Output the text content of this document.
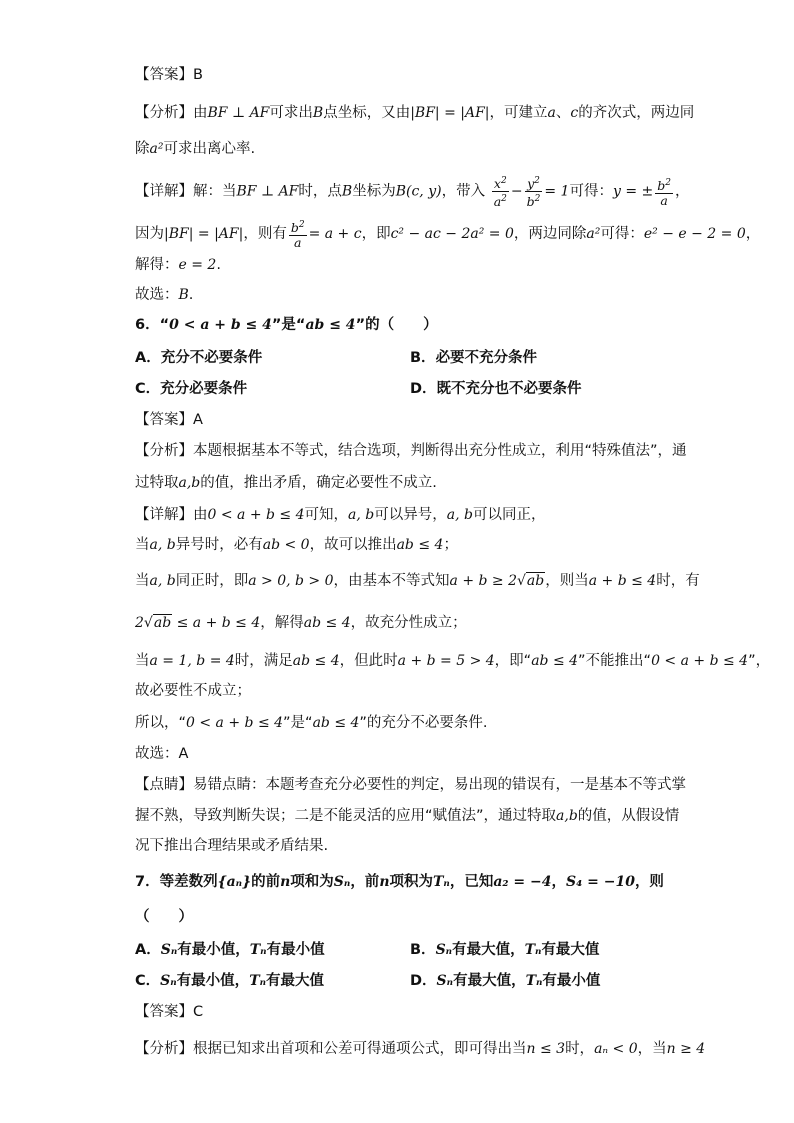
【答案】B
【分析】由BF ⊥ AF可求出B点坐标，又由|BF| = |AF|，可建立a、c的齐次式，两边同
除a²可求出离心率.
【详解】解：当BF ⊥ AF时，点B坐标为B(c, y)，带入 $\frac{x^2}{a^2} - \frac{y^2}{b^2} = 1$可得：y = ± $\frac{b^2}{a}$ ，
因为|BF| = |AF|，则有 $\frac{b^2}{a} = a + c$，即c² − ac − 2a² = 0，两边同除a²可得：e² − e − 2 = 0，
解得：e = 2.
故选：B.
6．“0 < a + b ≤ 4”是“ab ≤ 4”的（　　）
A．充分不必要条件	B．必要不充分条件
C．充分必要条件	D．既不充分也不必要条件
【答案】A
【分析】本题根据基本不等式，结合选项，判断得出充分性成立，利用“特殊值法”，通
过特取a,b的值，推出矛盾，确定必要性不成立.
【详解】由0 < a + b ≤ 4可知，a, b可以异号，a, b可以同正，
当a, b异号时，必有ab < 0，故可以推出ab ≤ 4；
当a, b同正时，即a > 0, b > 0，由基本不等式知a + b ≥ 2√ab，则当a + b ≤ 4时，有
2√ab ≤ a + b ≤ 4，解得ab ≤ 4，故充分性成立；
当a = 1, b = 4时，满足ab ≤ 4，但此时a + b = 5 > 4，即“ab ≤ 4”不能推出“0 < a + b ≤ 4”，
故必要性不成立；
所以，“0 < a + b ≤ 4”是“ab ≤ 4”的充分不必要条件.
故选：A
【点睛】易错点睛：本题考查充分必要性的判定，易出现的错误有，一是基本不等式掌
握不熟，导致判断失误；二是不能灵活的应用“赋值法”，通过特取a,b的值，从假设情
况下推出合理结果或矛盾结果.
7．等差数列{aₙ}的前n项和为Sₙ，前n项积为Tₙ，已知a₂ = −4，S₄ = −10，则
（　　）
A．Sₙ有最小值，Tₙ有最小值	B．Sₙ有最大值，Tₙ有最大值
C．Sₙ有最小值，Tₙ有最大值	D．Sₙ有最大值，Tₙ有最小值
【答案】C
【分析】根据已知求出首项和公差可得通项公式，即可得出当n ≤ 3时，aₙ < 0，当n ≥ 4
